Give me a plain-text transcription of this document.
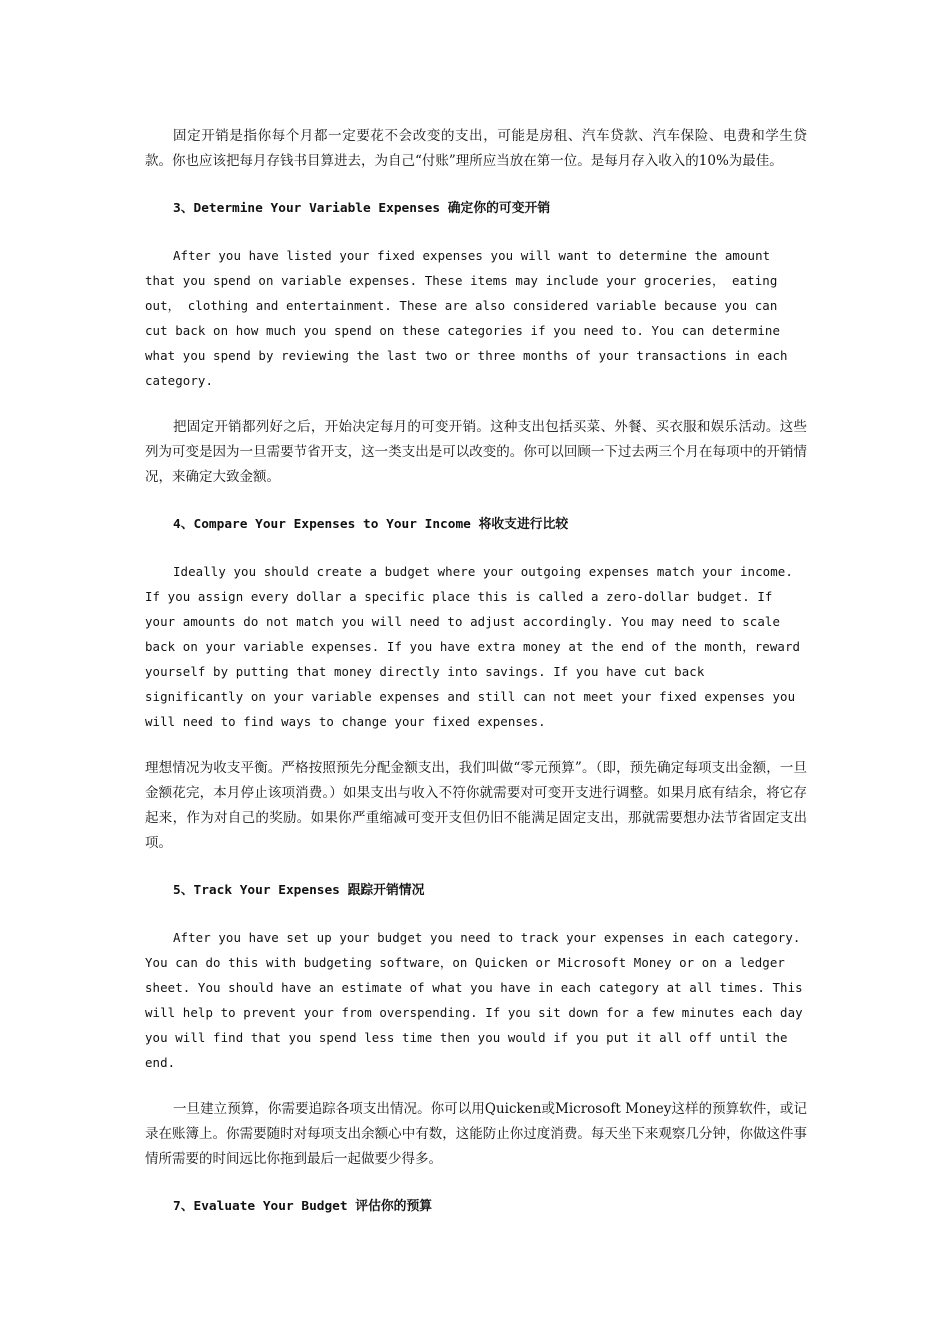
固定开销是指你每个月都一定要花不会改变的支出，可能是房租、汽车贷款、汽车保险、电费和学生贷款。你也应该把每月存钱书目算进去，为自己“付账”理所应当放在第一位。是每月存入收入的10%为最佳。

3、Determine Your Variable Expenses 确定你的可变开销

After you have listed your fixed expenses you will want to determine the amount that you spend on variable expenses. These items may include your groceries， eating out， clothing and entertainment. These are also considered variable because you can cut back on how much you spend on these categories if you need to. You can determine what you spend by reviewing the last two or three months of your transactions in each category.

把固定开销都列好之后，开始决定每月的可变开销。这种支出包括买菜、外餐、买衣服和娱乐活动。这些列为可变是因为一旦需要节省开支，这一类支出是可以改变的。你可以回顾一下过去两三个月在每项中的开销情况，来确定大致金额。

4、Compare Your Expenses to Your Income 将收支进行比较

Ideally you should create a budget where your outgoing expenses match your income. If you assign every dollar a specific place this is called a zero-dollar budget. If your amounts do not match you will need to adjust accordingly. You may need to scale back on your variable expenses. If you have extra money at the end of the month，reward yourself by putting that money directly into savings. If you have cut back significantly on your variable expenses and still can not meet your fixed expenses you will need to find ways to change your fixed expenses.

理想情况为收支平衡。严格按照预先分配金额支出，我们叫做“零元预算”。（即，预先确定每项支出金额，一旦金额花完，本月停止该项消费。）如果支出与收入不符你就需要对可变开支进行调整。如果月底有结余，将它存起来，作为对自己的奖励。如果你严重缩减可变开支但仍旧不能满足固定支出，那就需要想办法节省固定支出项。

5、Track Your Expenses 跟踪开销情况

After you have set up your budget you need to track your expenses in each category. You can do this with budgeting software，on Quicken or Microsoft Money or on a ledger sheet. You should have an estimate of what you have in each category at all times. This will help to prevent your from overspending. If you sit down for a few minutes each day you will find that you spend less time then you would if you put it all off until the end.

一旦建立预算，你需要追踪各项支出情况。你可以用Quicken或Microsoft Money这样的预算软件，或记录在账簿上。你需要随时对每项支出余额心中有数，这能防止你过度消费。每天坐下来观察几分钟，你做这件事情所需要的时间远比你拖到最后一起做要少得多。

7、Evaluate Your Budget 评估你的预算
